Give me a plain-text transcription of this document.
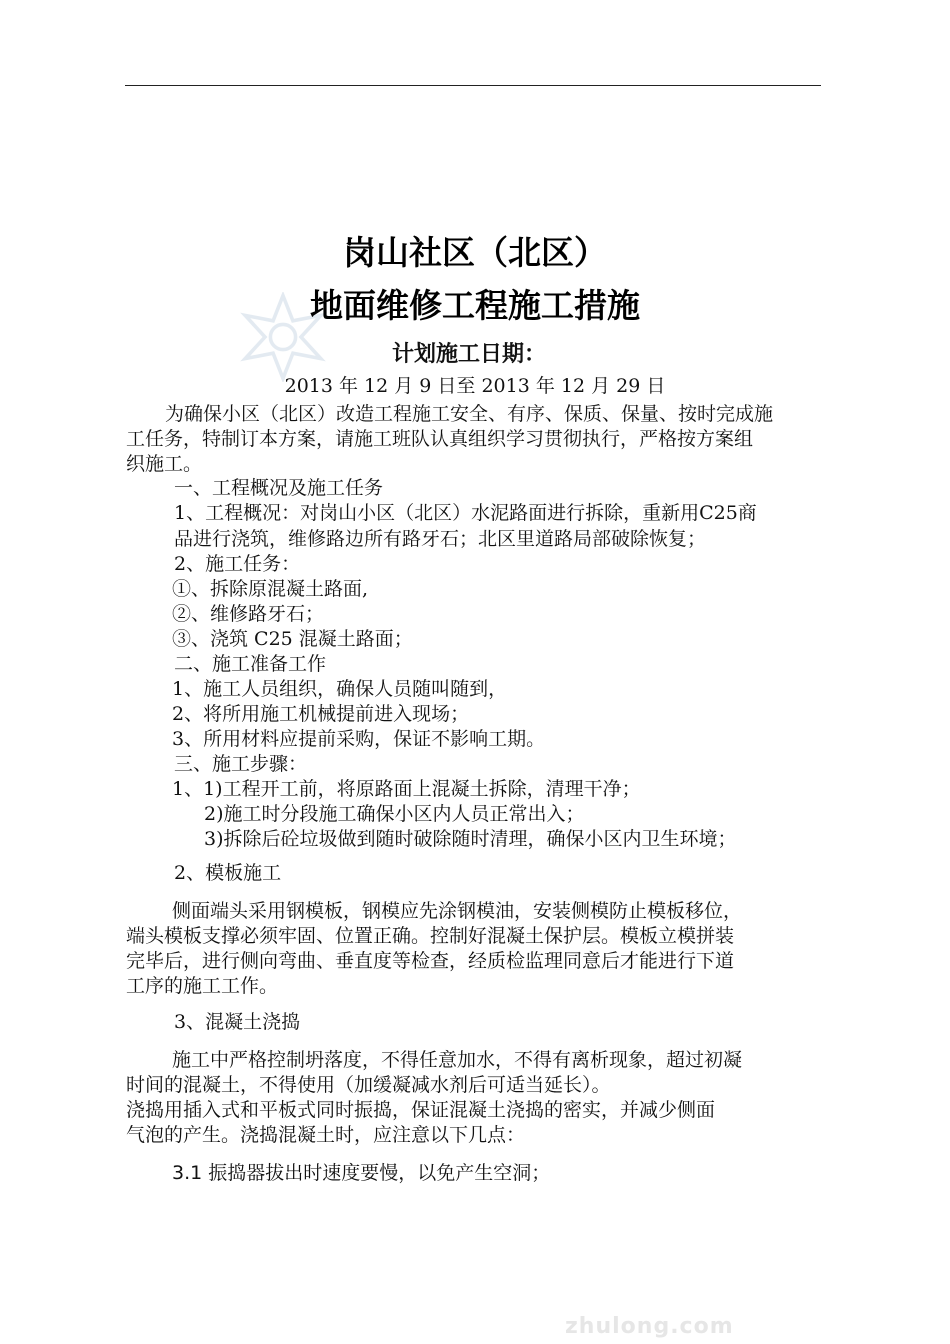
岗山社区（北区）
地面维修工程施工措施
计划施工日期：
2013 年 12 月 9 日至 2013 年 12 月 29 日
为确保小区（北区）改造工程施工安全、有序、保质、保量、按时完成施
工任务，特制订本方案，请施工班队认真组织学习贯彻执行，严格按方案组
织施工。
一、工程概况及施工任务
1、工程概况：对岗山小区（北区）水泥路面进行拆除，重新用C25商
品进行浇筑，维修路边所有路牙石；北区里道路局部破除恢复；
2、施工任务：
①、拆除原混凝土路面,
②、维修路牙石；
③、浇筑 C25 混凝土路面；
二、施工准备工作
1、施工人员组织，确保人员随叫随到，
2、将所用施工机械提前进入现场；
3、所用材料应提前采购，保证不影响工期。
三、施工步骤：
1、1)工程开工前，将原路面上混凝土拆除，清理干净；
2)施工时分段施工确保小区内人员正常出入；
3)拆除后砼垃圾做到随时破除随时清理，确保小区内卫生环境；
2、模板施工
侧面端头采用钢模板，钢模应先涂钢模油，安装侧模防止模板移位，
端头模板支撑必须牢固、位置正确。控制好混凝土保护层。模板立模拼装
完毕后，进行侧向弯曲、垂直度等检查，经质检监理同意后才能进行下道
工序的施工工作。
3、混凝土浇捣
施工中严格控制坍落度，不得任意加水，不得有离析现象，超过初凝
时间的混凝土，不得使用（加缓凝减水剂后可适当延长）。
浇捣用插入式和平板式同时振捣，保证混凝土浇捣的密实，并减少侧面
气泡的产生。浇捣混凝土时，应注意以下几点：
3.1 振捣器拔出时速度要慢，以免产生空洞；
zhulong.com
